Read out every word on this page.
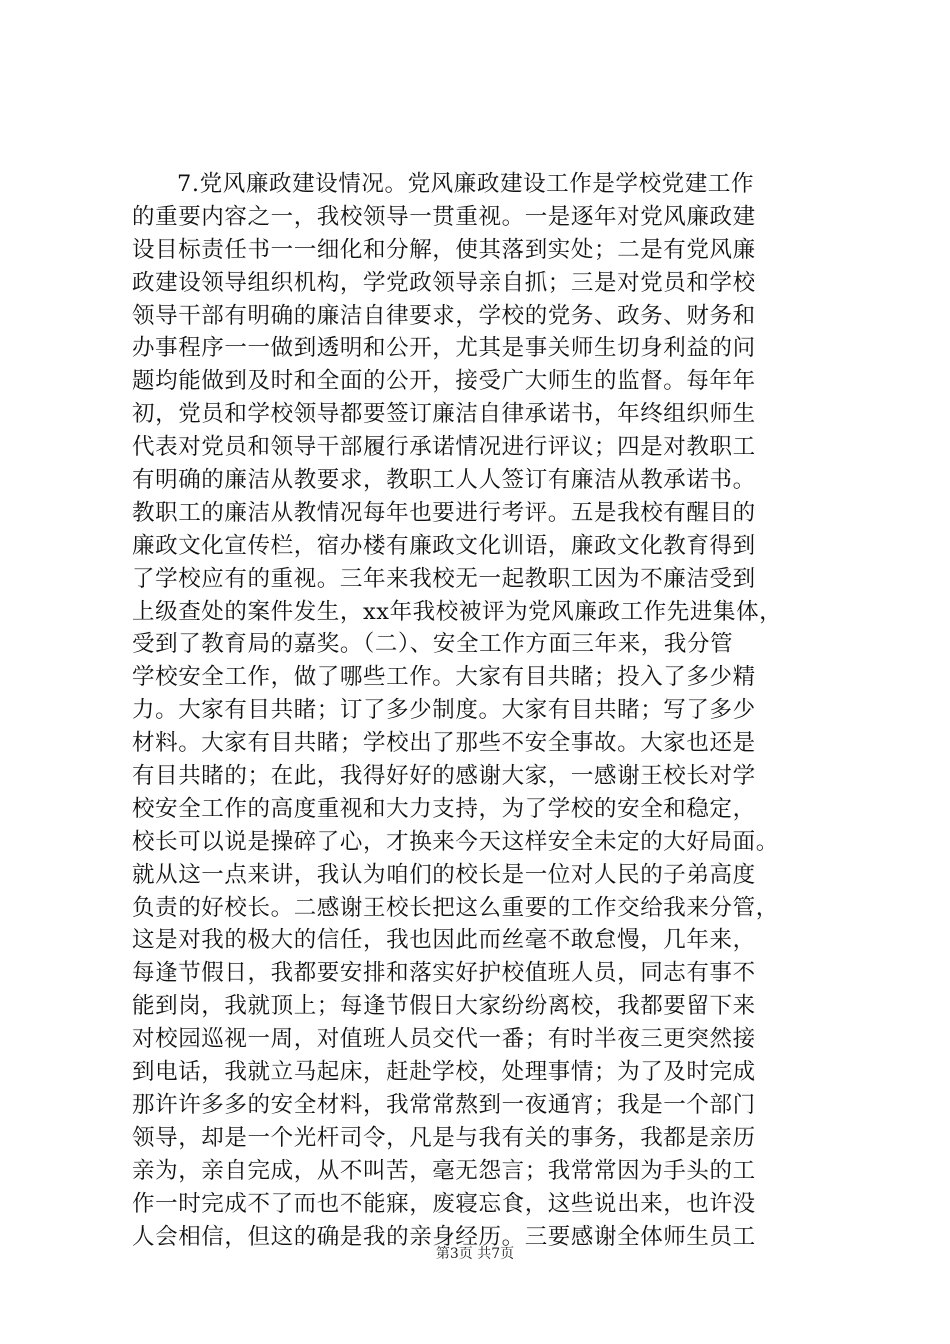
7.党风廉政建设情况。党风廉政建设工作是学校党建工作
的重要内容之一，我校领导一贯重视。一是逐年对党风廉政建
设目标责任书一一细化和分解，使其落到实处；二是有党风廉
政建设领导组织机构，学党政领导亲自抓；三是对党员和学校
领导干部有明确的廉洁自律要求，学校的党务、政务、财务和
办事程序一一做到透明和公开，尤其是事关师生切身利益的问
题均能做到及时和全面的公开，接受广大师生的监督。每年年
初，党员和学校领导都要签订廉洁自律承诺书，年终组织师生
代表对党员和领导干部履行承诺情况进行评议；四是对教职工
有明确的廉洁从教要求，教职工人人签订有廉洁从教承诺书。
教职工的廉洁从教情况每年也要进行考评。五是我校有醒目的
廉政文化宣传栏，宿办楼有廉政文化训语，廉政文化教育得到
了学校应有的重视。三年来我校无一起教职工因为不廉洁受到
上级查处的案件发生，xx年我校被评为党风廉政工作先进集体，
受到了教育局的嘉奖。（二）、安全工作方面三年来，我分管
学校安全工作，做了哪些工作。大家有目共睹；投入了多少精
力。大家有目共睹；订了多少制度。大家有目共睹；写了多少
材料。大家有目共睹；学校出了那些不安全事故。大家也还是
有目共睹的；在此，我得好好的感谢大家，一感谢王校长对学
校安全工作的高度重视和大力支持，为了学校的安全和稳定，
校长可以说是操碎了心，才换来今天这样安全未定的大好局面。
就从这一点来讲，我认为咱们的校长是一位对人民的子弟高度
负责的好校长。二感谢王校长把这么重要的工作交给我来分管，
这是对我的极大的信任，我也因此而丝毫不敢怠慢，几年来，
每逢节假日，我都要安排和落实好护校值班人员，同志有事不
能到岗，我就顶上；每逢节假日大家纷纷离校，我都要留下来
对校园巡视一周，对值班人员交代一番；有时半夜三更突然接
到电话，我就立马起床，赶赴学校，处理事情；为了及时完成
那许许多多的安全材料，我常常熬到一夜通宵；我是一个部门
领导，却是一个光杆司令，凡是与我有关的事务，我都是亲历
亲为，亲自完成，从不叫苦，毫无怨言；我常常因为手头的工
作一时完成不了而也不能寐，废寝忘食，这些说出来，也许没
人会相信，但这的确是我的亲身经历。三要感谢全体师生员工
第3页 共7页
